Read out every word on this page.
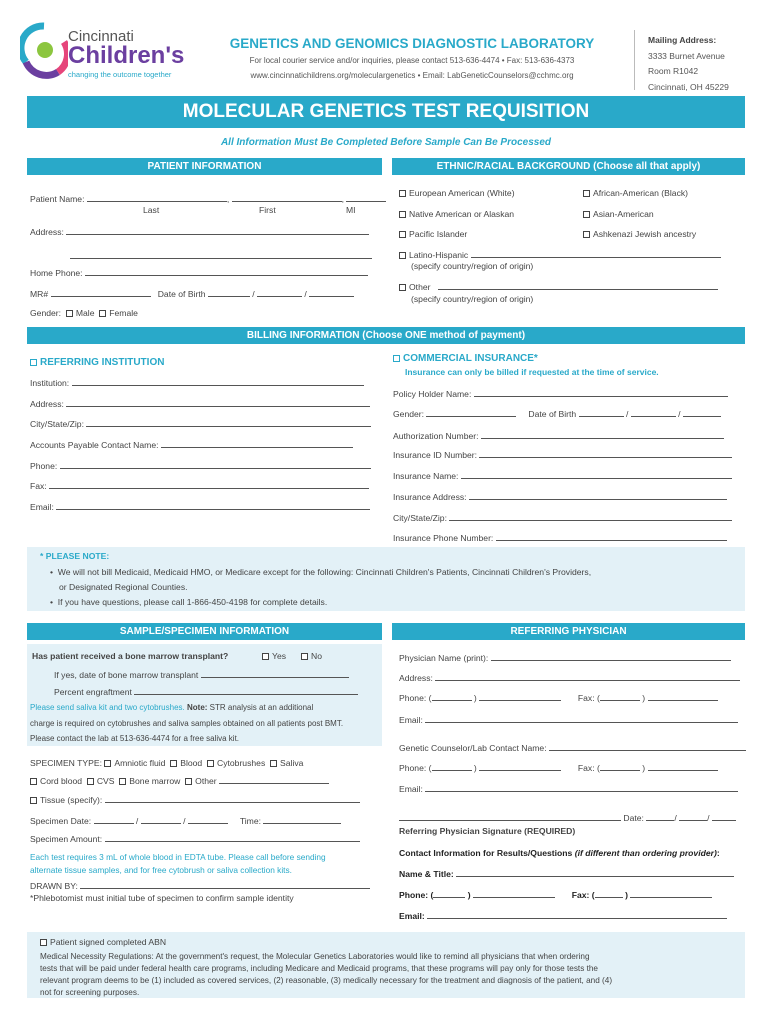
Cincinnati
Children's
changing the outcome together
GENETICS AND GENOMICS DIAGNOSTIC LABORATORY
For local courier service and/or inquiries, please contact 513-636-4474 • Fax: 513-636-4373
www.cincinnatichildrens.org/moleculargenetics • Email: LabGeneticCounselors@cchmc.org
Mailing Address:
3333 Burnet Avenue
Room R1042
Cincinnati, OH 45229
MOLECULAR GENETICS TEST REQUISITION
All Information Must Be Completed Before Sample Can Be Processed
PATIENT INFORMATION
Patient Name:	,	,
Last	First	MI
Address:
Home Phone:
MR#	Date of Birth	/	/
Gender: Male Female
ETHNIC/RACIAL BACKGROUND (Choose all that apply)
European American (White)	African-American (Black)
Native American or Alaskan	Asian-American
Pacific Islander	Ashkenazi Jewish ancestry
Latino-Hispanic
(specify country/region of origin)
Other
(specify country/region of origin)
BILLING INFORMATION (Choose ONE method of payment)
REFERRING INSTITUTION
Institution:
Address:
City/State/Zip:
Accounts Payable Contact Name:
Phone:
Fax:
Email:
COMMERCIAL INSURANCE*
Insurance can only be billed if requested at the time of service.
Policy Holder Name:
Gender:	Date of Birth	/	/
Authorization Number:
Insurance ID Number:
Insurance Name:
Insurance Address:
City/State/Zip:
Insurance Phone Number:
* PLEASE NOTE:
•  We will not bill Medicaid, Medicaid HMO, or Medicare except for the following: Cincinnati Children's Patients, Cincinnati Children's Providers,
or Designated Regional Counties.
•  If you have questions, please call 1-866-450-4198 for complete details.
SAMPLE/SPECIMEN INFORMATION
Has patient received a bone marrow transplant?	Yes	No
If yes, date of bone marrow transplant
Percent engraftment
Please send saliva kit and two cytobrushes. Note: STR analysis at an additional
charge is required on cytobrushes and saliva samples obtained on all patients post BMT.
Please contact the lab at 513-636-4474 for a free saliva kit.
SPECIMEN TYPE: Amniotic fluid Blood Cytobrushes Saliva
Cord blood CVS Bone marrow Other
Tissue (specify):
Specimen Date:	/	/	Time:
Specimen Amount:
Each test requires 3 mL of whole blood in EDTA tube. Please call before sending
alternate tissue samples, and for free cytobrush or saliva collection kits.
DRAWN BY:
*Phlebotomist must initial tube of specimen to confirm sample identity
REFERRING PHYSICIAN
Physician Name (print):
Address:
Phone: (	)	Fax: (	)
Email:
Genetic Counselor/Lab Contact Name:
Phone: (	)	Fax: (	)
Email:
Date:	/	/
Referring Physician Signature (REQUIRED)
Contact Information for Results/Questions (if different than ordering provider):
Name & Title:
Phone: (	)	Fax: (	)
Email:
Patient signed completed ABN
Medical Necessity Regulations: At the government's request, the Molecular Genetics Laboratories would like to remind all physicians that when ordering
tests that will be paid under federal health care programs, including Medicare and Medicaid programs, that these programs will pay only for those tests the
relevant program deems to be (1) included as covered services, (2) reasonable, (3) medically necessary for the treatment and diagnosis of the patient, and (4)
not for screening purposes.
